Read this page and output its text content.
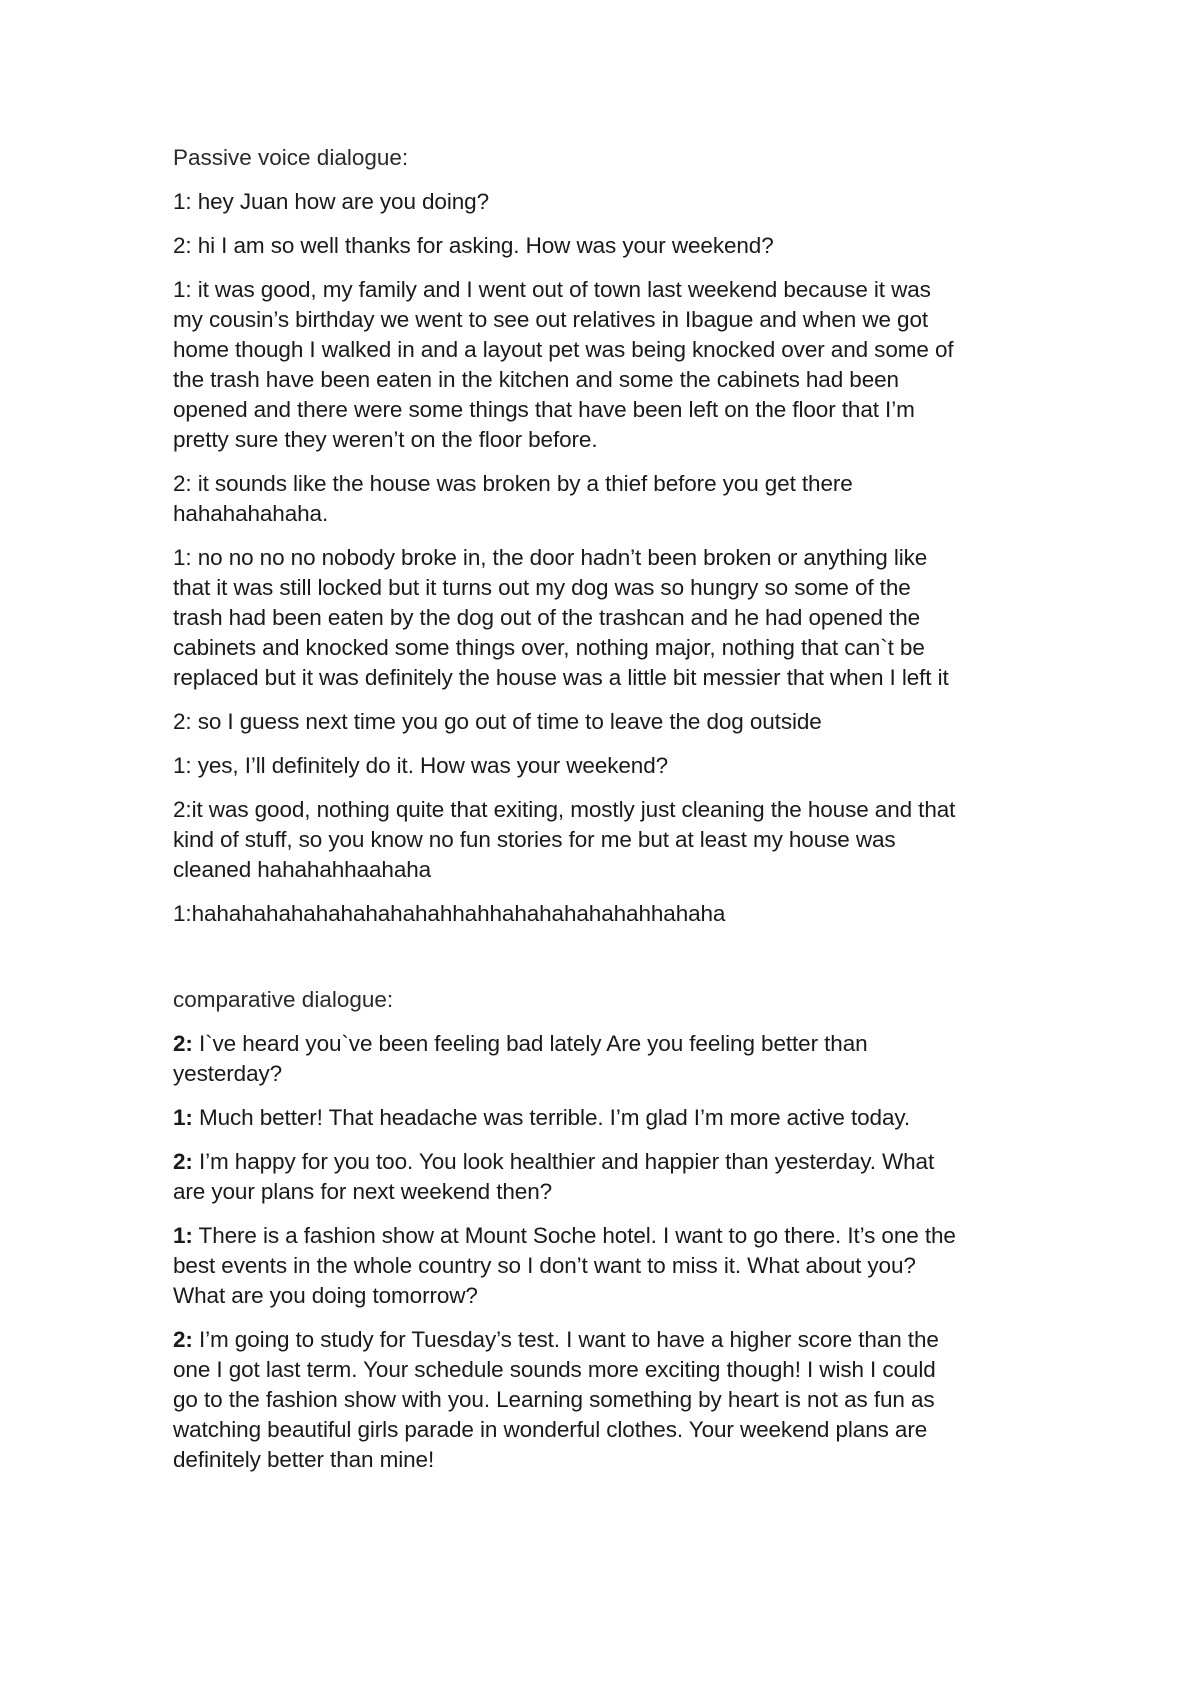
Passive voice dialogue:
1: hey Juan how are you doing?
2: hi I am so well thanks for asking. How was your weekend?
1: it was good, my family and I went out of town last weekend because it was
my cousin’s birthday we went to see out relatives in Ibague and when we got
home though I walked in and a layout pet was being knocked over and some of
the trash have been eaten in the kitchen and some the cabinets had been
opened and there were some things that have been left on the floor that I’m
pretty sure they weren’t on the floor before.
2: it sounds like the house was broken by a thief before you get there
hahahahahaha.
1: no no no no nobody broke in, the door hadn’t been broken or anything like
that it was still locked but it turns out my dog was so hungry so some of the
trash had been eaten by the dog out of the trashcan and he had opened the
cabinets and knocked some things over, nothing major, nothing that can`t be
replaced but it was definitely the house was a little bit messier that when I left it
2: so I guess next time you go out of time to leave the dog outside
1: yes, I’ll definitely do it. How was your weekend?
2:it was good, nothing quite that exiting, mostly just cleaning the house and that
kind of stuff, so you know no fun stories for me but at least my house was
cleaned hahahahhaahaha
1:hahahahahahahahahahahhahhahahahahahahhahaha
comparative dialogue:
2: I`ve heard you`ve been feeling bad lately Are you feeling better than
yesterday?
1: Much better! That headache was terrible. I’m glad I’m more active today.
2: I’m happy for you too. You look healthier and happier than yesterday. What
are your plans for next weekend then?
1: There is a fashion show at Mount Soche hotel. I want to go there. It’s one the
best events in the whole country so I don’t want to miss it. What about you?
What are you doing tomorrow?
2: I’m going to study for Tuesday’s test. I want to have a higher score than the
one I got last term. Your schedule sounds more exciting though! I wish I could
go to the fashion show with you. Learning something by heart is not as fun as
watching beautiful girls parade in wonderful clothes. Your weekend plans are
definitely better than mine!
